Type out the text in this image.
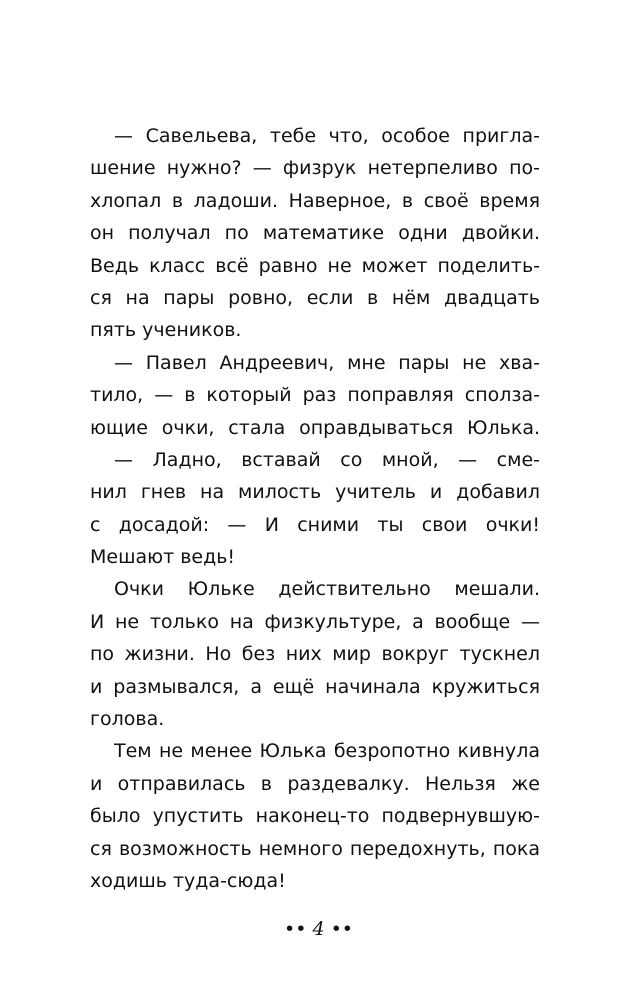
— Савельева, тебе что, особое пригла-
шение нужно? — физрук нетерпеливо по-
хлопал в ладоши. Наверное, в своё время
он получал по математике одни двойки.
Ведь класс всё равно не может поделить-
ся на пары ровно, если в нём двадцать
пять учеников.
— Павел Андреевич, мне пары не хва-
тило, — в который раз поправляя сполза-
ющие очки, стала оправдываться Юлька.
— Ладно, вставай со мной, — сме-
нил гнев на милость учитель и добавил
с досадой: — И сними ты свои очки!
Мешают ведь!
Очки Юльке действительно мешали.
И не только на физкультуре, а вообще —
по жизни. Но без них мир вокруг тускнел
и размывался, а ещё начинала кружиться
голова.
Тем не менее Юлька безропотно кивнула
и отправилась в раздевалку. Нельзя же
было упустить наконец-то подвернувшую-
ся возможность немного передохнуть, пока
ходишь туда-сюда!
•• 4 ••
